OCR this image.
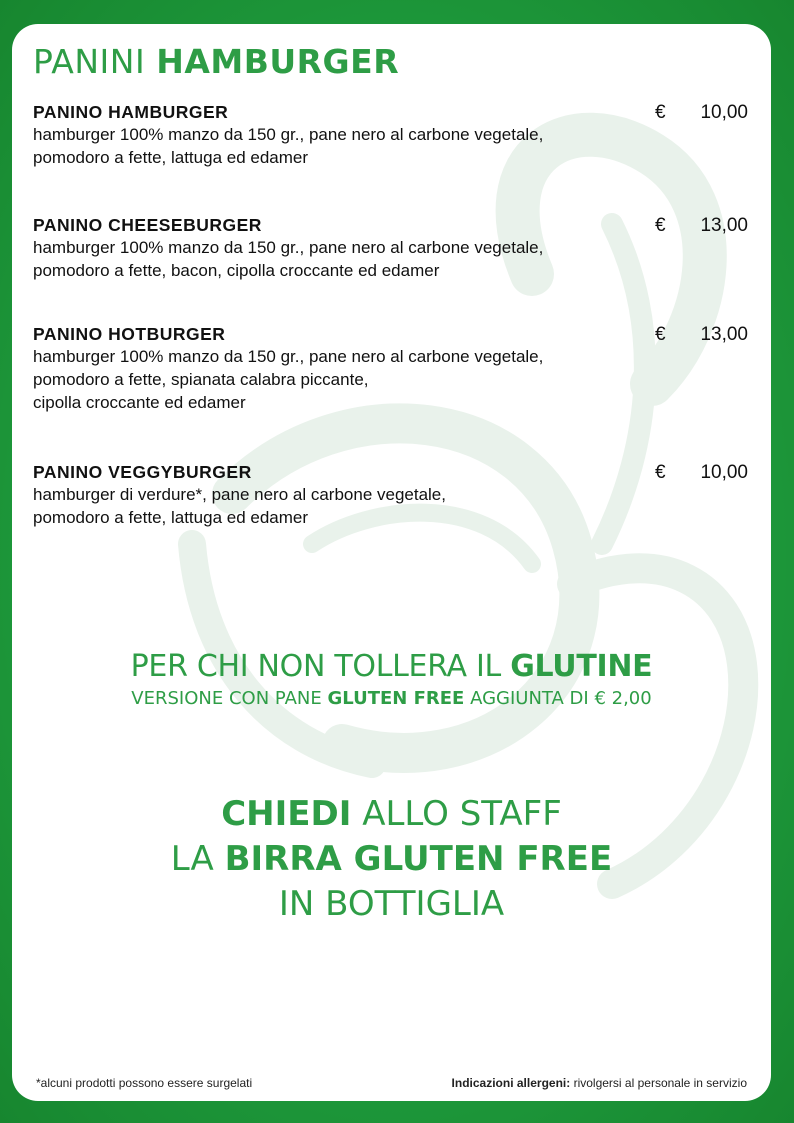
PANINI HAMBURGER
PANINO HAMBURGER
hamburger 100% manzo da 150 gr., pane nero al carbone vegetale,
pomodoro a fette, lattuga ed edamer
€ 10,00
PANINO CHEESEBURGER
hamburger 100% manzo da 150 gr., pane nero al carbone vegetale,
pomodoro a fette, bacon, cipolla croccante ed edamer
€ 13,00
PANINO HOTBURGER
hamburger 100% manzo da 150 gr., pane nero al carbone vegetale,
pomodoro a fette, spianata calabra piccante,
cipolla croccante ed edamer
€ 13,00
PANINO VEGGYBURGER
hamburger di verdure*, pane nero al carbone vegetale,
pomodoro a fette, lattuga ed edamer
€ 10,00
PER CHI NON TOLLERA IL GLUTINE
VERSIONE CON PANE GLUTEN FREE AGGIUNTA DI € 2,00
CHIEDI ALLO STAFF
LA BIRRA GLUTEN FREE
IN BOTTIGLIA
*alcuni prodotti possono essere surgelati	Indicazioni allergeni: rivolgersi al personale in servizio
